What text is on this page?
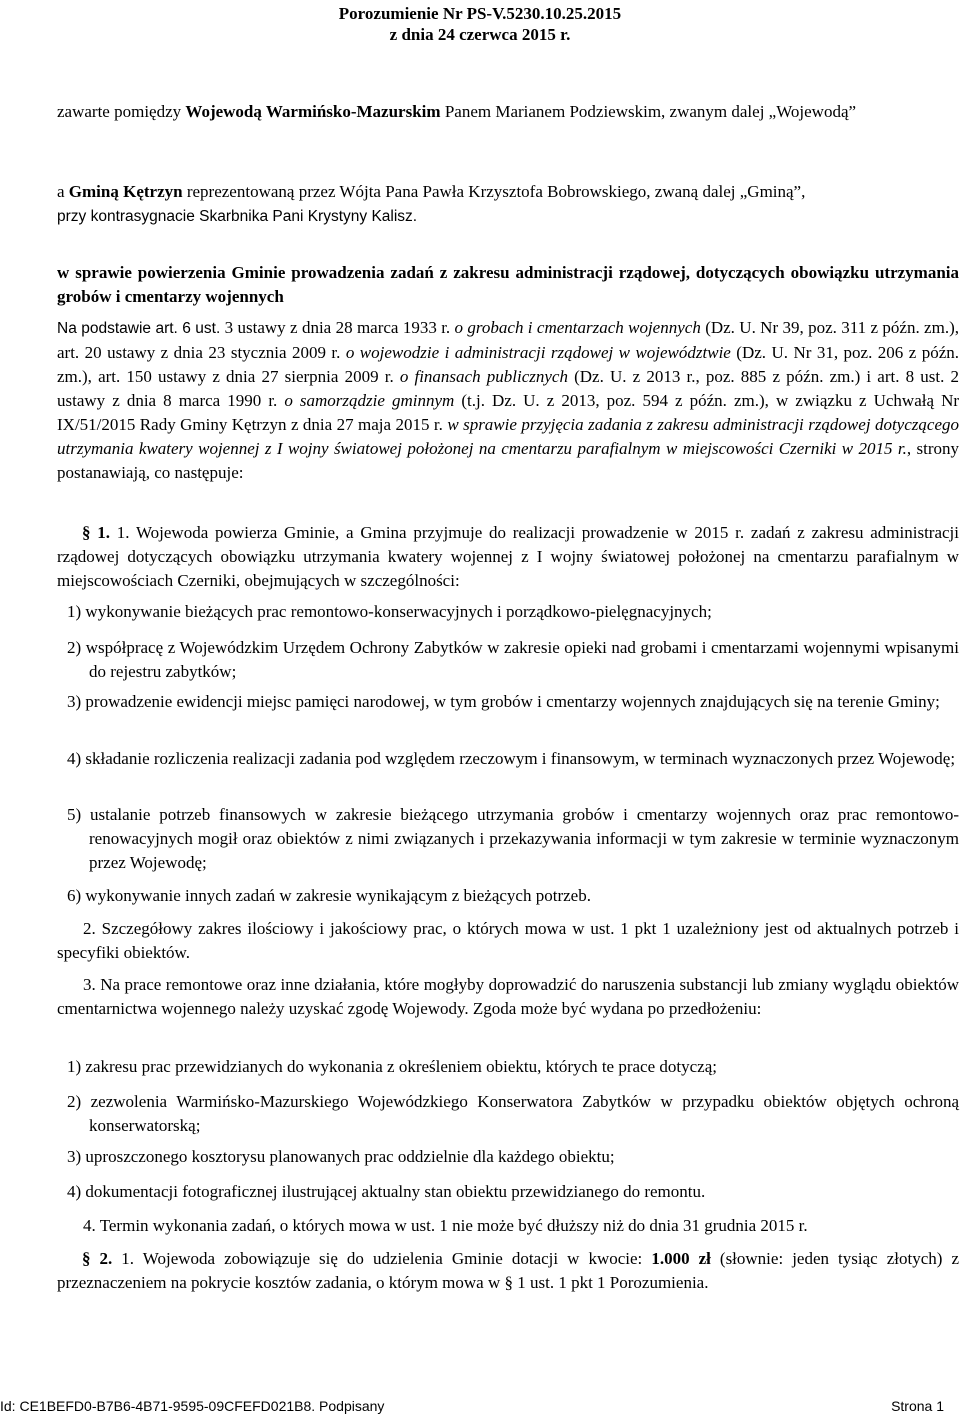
Porozumienie Nr PS-V.5230.10.25.2015
z dnia 24 czerwca 2015 r.
zawarte pomiędzy Wojewodą Warmińsko-Mazurskim Panem Marianem Podziewskim, zwanym dalej „Wojewodą”
a Gminą Kętrzyn reprezentowaną przez Wójta Pana Pawła Krzysztofa Bobrowskiego, zwaną dalej „Gminą”,
przy kontrasygnacie Skarbnika Pani Krystyny Kalisz.
w sprawie powierzenia Gminie prowadzenia zadań z zakresu administracji rządowej, dotyczących obowiązku utrzymania grobów i cmentarzy wojennych
Na podstawie art. 6 ust. 3 ustawy z dnia 28 marca 1933 r. o grobach i cmentarzach wojennych (Dz. U. Nr 39, poz. 311 z późn. zm.), art. 20 ustawy z dnia 23 stycznia 2009 r. o wojewodzie i administracji rządowej w województwie (Dz. U. Nr 31, poz. 206 z późn. zm.), art. 150 ustawy z dnia 27 sierpnia 2009 r. o finansach publicznych (Dz. U. z 2013 r., poz. 885 z późn. zm.) i art. 8 ust. 2 ustawy z dnia 8 marca 1990 r. o samorządzie gminnym (t.j. Dz. U. z 2013, poz. 594 z późn. zm.), w związku z Uchwałą Nr IX/51/2015 Rady Gminy Kętrzyn z dnia 27 maja 2015 r. w sprawie przyjęcia zadania z zakresu administracji rządowej dotyczącego utrzymania kwatery wojennej z I wojny światowej położonej na cmentarzu parafialnym w miejscowości Czerniki w 2015 r., strony postanawiają, co następuje:
§ 1. 1. Wojewoda powierza Gminie, a Gmina przyjmuje do realizacji prowadzenie w 2015 r. zadań z zakresu administracji rządowej dotyczących obowiązku utrzymania kwatery wojennej z I wojny światowej położonej na cmentarzu parafialnym w miejscowościach Czerniki, obejmujących w szczególności:
1) wykonywanie bieżących prac remontowo-konserwacyjnych i porządkowo-pielęgnacyjnych;
2) współpracę z Wojewódzkim Urzędem Ochrony Zabytków w zakresie opieki nad grobami i cmentarzami wojennymi wpisanymi do rejestru zabytków;
3) prowadzenie ewidencji miejsc pamięci narodowej, w tym grobów i cmentarzy wojennych znajdujących się na terenie Gminy;
4) składanie rozliczenia realizacji zadania pod względem rzeczowym i finansowym, w terminach wyznaczonych przez Wojewodę;
5) ustalanie potrzeb finansowych w zakresie bieżącego utrzymania grobów i cmentarzy wojennych oraz prac remontowo-renowacyjnych mogił oraz obiektów z nimi związanych i przekazywania informacji w tym zakresie w terminie wyznaczonym przez Wojewodę;
6) wykonywanie innych zadań w zakresie wynikającym z bieżących potrzeb.
2. Szczegółowy zakres ilościowy i jakościowy prac, o których mowa w ust. 1 pkt 1 uzależniony jest od aktualnych potrzeb i specyfiki obiektów.
3. Na prace remontowe oraz inne działania, które mogłyby doprowadzić do naruszenia substancji lub zmiany wyglądu obiektów cmentarnictwa wojennego należy uzyskać zgodę Wojewody. Zgoda może być wydana po przedłożeniu:
1) zakresu prac przewidzianych do wykonania z określeniem obiektu, których te prace dotyczą;
2) zezwolenia Warmińsko-Mazurskiego Wojewódzkiego Konserwatora Zabytków w przypadku obiektów objętych ochroną konserwatorską;
3) uproszczonego kosztorysu planowanych prac oddzielnie dla każdego obiektu;
4) dokumentacji fotograficznej ilustrującej aktualny stan obiektu przewidzianego do remontu.
4. Termin wykonania zadań, o których mowa w ust. 1 nie może być dłuższy niż do dnia 31 grudnia 2015 r.
§ 2. 1. Wojewoda zobowiązuje się do udzielenia Gminie dotacji w kwocie: 1.000 zł (słownie: jeden tysiąc złotych) z przeznaczeniem na pokrycie kosztów zadania, o którym mowa w § 1 ust. 1 pkt 1 Porozumienia.
Id: CE1BEFD0-B7B6-4B71-9595-09CFEFD021B8. Podpisany	Strona 1
